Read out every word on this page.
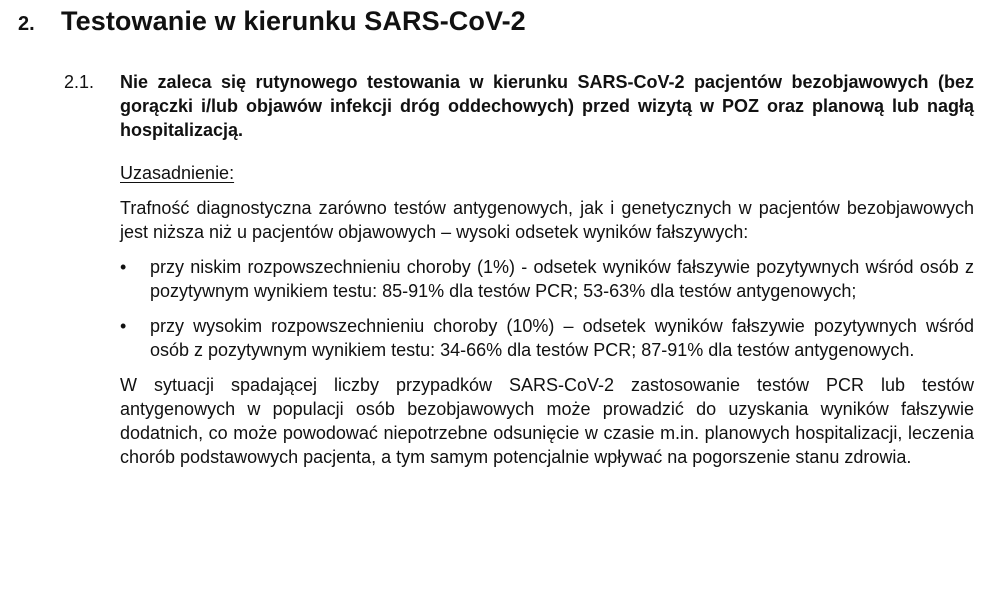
2. Testowanie w kierunku SARS-CoV-2
2.1. Nie zaleca się rutynowego testowania w kierunku SARS-CoV-2 pacjentów bezobjawowych (bez gorączki i/lub objawów infekcji dróg oddechowych) przed wizytą w POZ oraz planową lub nagłą hospitalizacją.

Uzasadnienie:

Trafność diagnostyczna zarówno testów antygenowych, jak i genetycznych w pacjentów bezobjawowych jest niższa niż u pacjentów objawowych – wysoki odsetek wyników fałszywych:

•	przy niskim rozpowszechnieniu choroby (1%) - odsetek wyników fałszywie pozytywnych wśród osób z pozytywnym wynikiem testu: 85-91% dla testów PCR; 53-63% dla testów antygenowych;
•	przy wysokim rozpowszechnieniu choroby (10%) – odsetek wyników fałszywie pozytywnych wśród osób z pozytywnym wynikiem testu: 34-66% dla testów PCR; 87-91% dla testów antygenowych.

W sytuacji spadającej liczby przypadków SARS-CoV-2 zastosowanie testów PCR lub testów antygenowych w populacji osób bezobjawowych może prowadzić do uzyskania wyników fałszywie dodatnich, co może powodować niepotrzebne odsunięcie w czasie m.in. planowych hospitalizacji, leczenia chorób podstawowych pacjenta, a tym samym potencjalnie wpływać na pogorszenie stanu zdrowia.
